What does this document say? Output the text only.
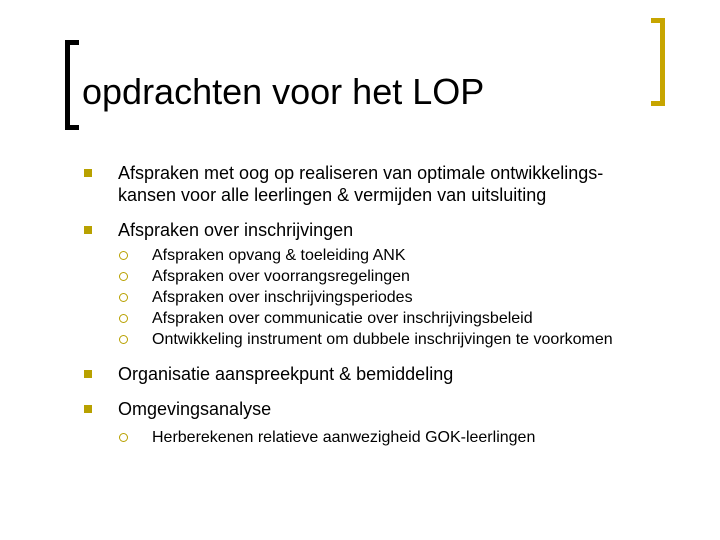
opdrachten voor het LOP
Afspraken met oog op realiseren van optimale ontwikkelings-
kansen voor alle leerlingen & vermijden van uitsluiting
Afspraken over inschrijvingen
Afspraken opvang & toeleiding ANK
Afspraken over voorrangsregelingen
Afspraken over inschrijvingsperiodes
Afspraken over communicatie over inschrijvingsbeleid
Ontwikkeling instrument om dubbele inschrijvingen te voorkomen
Organisatie aanspreekpunt & bemiddeling
Omgevingsanalyse
Herberekenen relatieve aanwezigheid GOK-leerlingen
